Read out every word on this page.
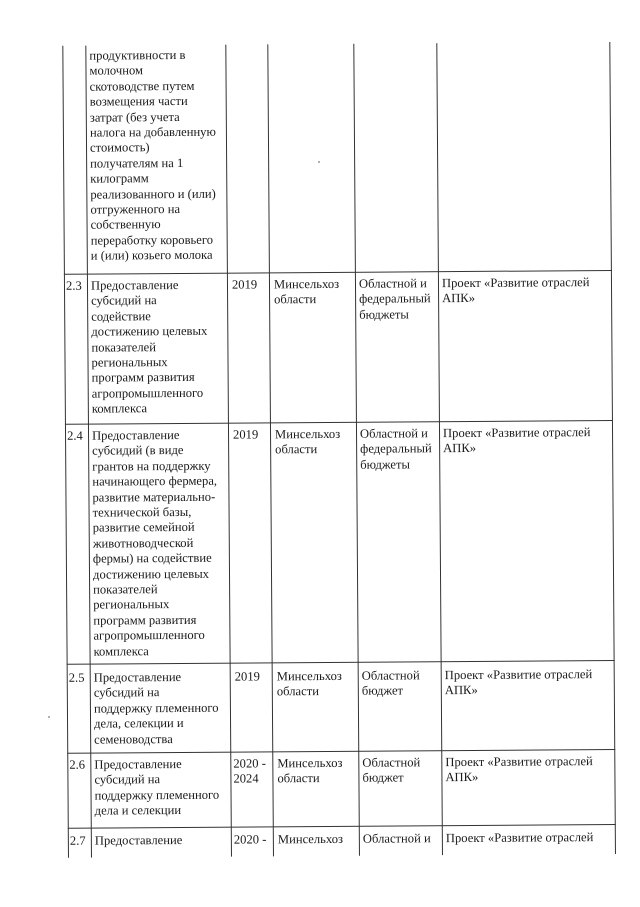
продуктивности в
молочном
скотоводстве путем
возмещения части
затрат (без учета
налога на добавленную
стоимость)
получателям на 1
килограмм
реализованного и (или)
отгруженного на
собственную
переработку коровьего
и (или) козьего молока
2.3 Предоставление
субсидий на
содействие
достижению целевых
показателей
региональных
программ развития
агропромышленного
комплекса
2019 Минсельхоз
области
Областной и
федеральный
бюджеты
Проект «Развитие отраслей
АПК»
2.4 Предоставление
субсидий (в виде
грантов на поддержку
начинающего фермера,
развитие материально-
технической базы,
развитие семейной
животноводческой
фермы) на содействие
достижению целевых
показателей
региональных
программ развития
агропромышленного
комплекса
2019 Минсельхоз
области
Областной и
федеральный
бюджеты
Проект «Развитие отраслей
АПК»
2.5 Предоставление
субсидий на
поддержку племенного
дела, селекции и
семеноводства
2019 Минсельхоз
области
Областной
бюджет
Проект «Развитие отраслей
АПК»
2.6 Предоставление
субсидий на
поддержку племенного
дела и селекции
2020 -
2024
Минсельхоз
области
Областной
бюджет
Проект «Развитие отраслей
АПК»
2.7 Предоставление	2020 - Минсельхоз Областной и Проект «Развитие отраслей
